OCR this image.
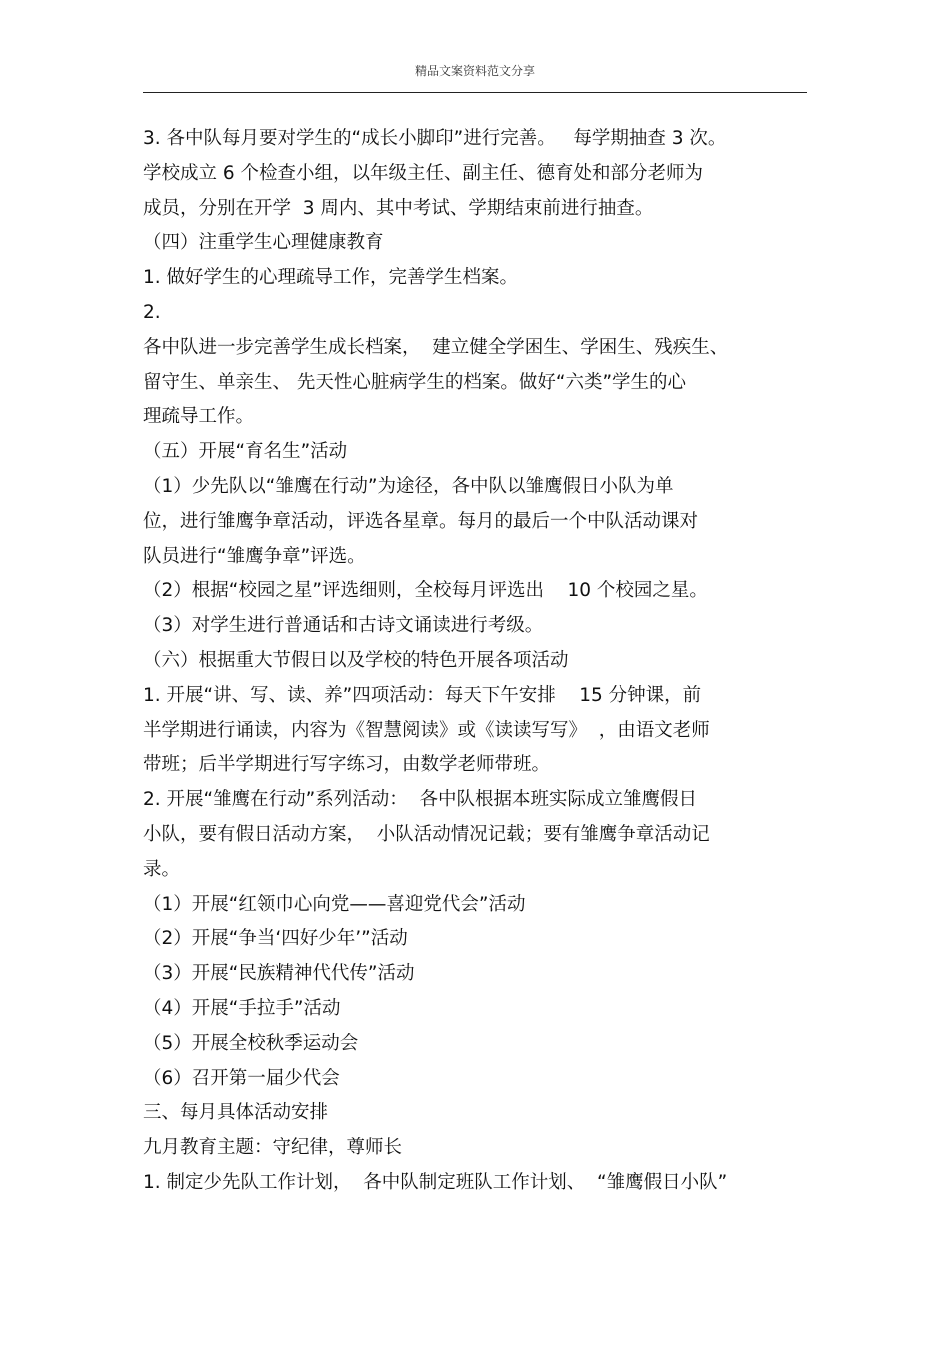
精品文案资料范文分享
3. 各中队每月要对学生的“成长小脚印”进行完善。   每学期抽查 3 次。
学校成立 6 个检查小组，以年级主任、副主任、德育处和部分老师为
成员，分别在开学  3 周内、其中考试、学期结束前进行抽查。
（四）注重学生心理健康教育
1. 做好学生的心理疏导工作，完善学生档案。
2.
各中队进一步完善学生成长档案，  建立健全学困生、学困生、残疾生、
留守生、单亲生、 先天性心脏病学生的档案。做好“六类”学生的心
理疏导工作。
（五）开展“育名生”活动
（1）少先队以“雏鹰在行动”为途径，各中队以雏鹰假日小队为单
位，进行雏鹰争章活动，评选各星章。每月的最后一个中队活动课对
队员进行“雏鹰争章”评选。
（2）根据“校园之星”评选细则，全校每月评选出    10 个校园之星。
（3）对学生进行普通话和古诗文诵读进行考级。
（六）根据重大节假日以及学校的特色开展各项活动
1. 开展“讲、写、读、养”四项活动：每天下午安排    15 分钟课，前
半学期进行诵读，内容为《智慧阅读》或《读读写写》  ，由语文老师
带班；后半学期进行写字练习，由数学老师带班。
2. 开展“雏鹰在行动”系列活动：  各中队根据本班实际成立雏鹰假日
小队，要有假日活动方案，  小队活动情况记载；要有雏鹰争章活动记
录。
（1）开展“红领巾心向党——喜迎党代会”活动
（2）开展“争当‘四好少年’”活动
（3）开展“民族精神代代传”活动
（4）开展“手拉手”活动
（5）开展全校秋季运动会
（6）召开第一届少代会
三、每月具体活动安排
九月教育主题：守纪律，尊师长
1. 制定少先队工作计划，  各中队制定班队工作计划、  “雏鹰假日小队”
